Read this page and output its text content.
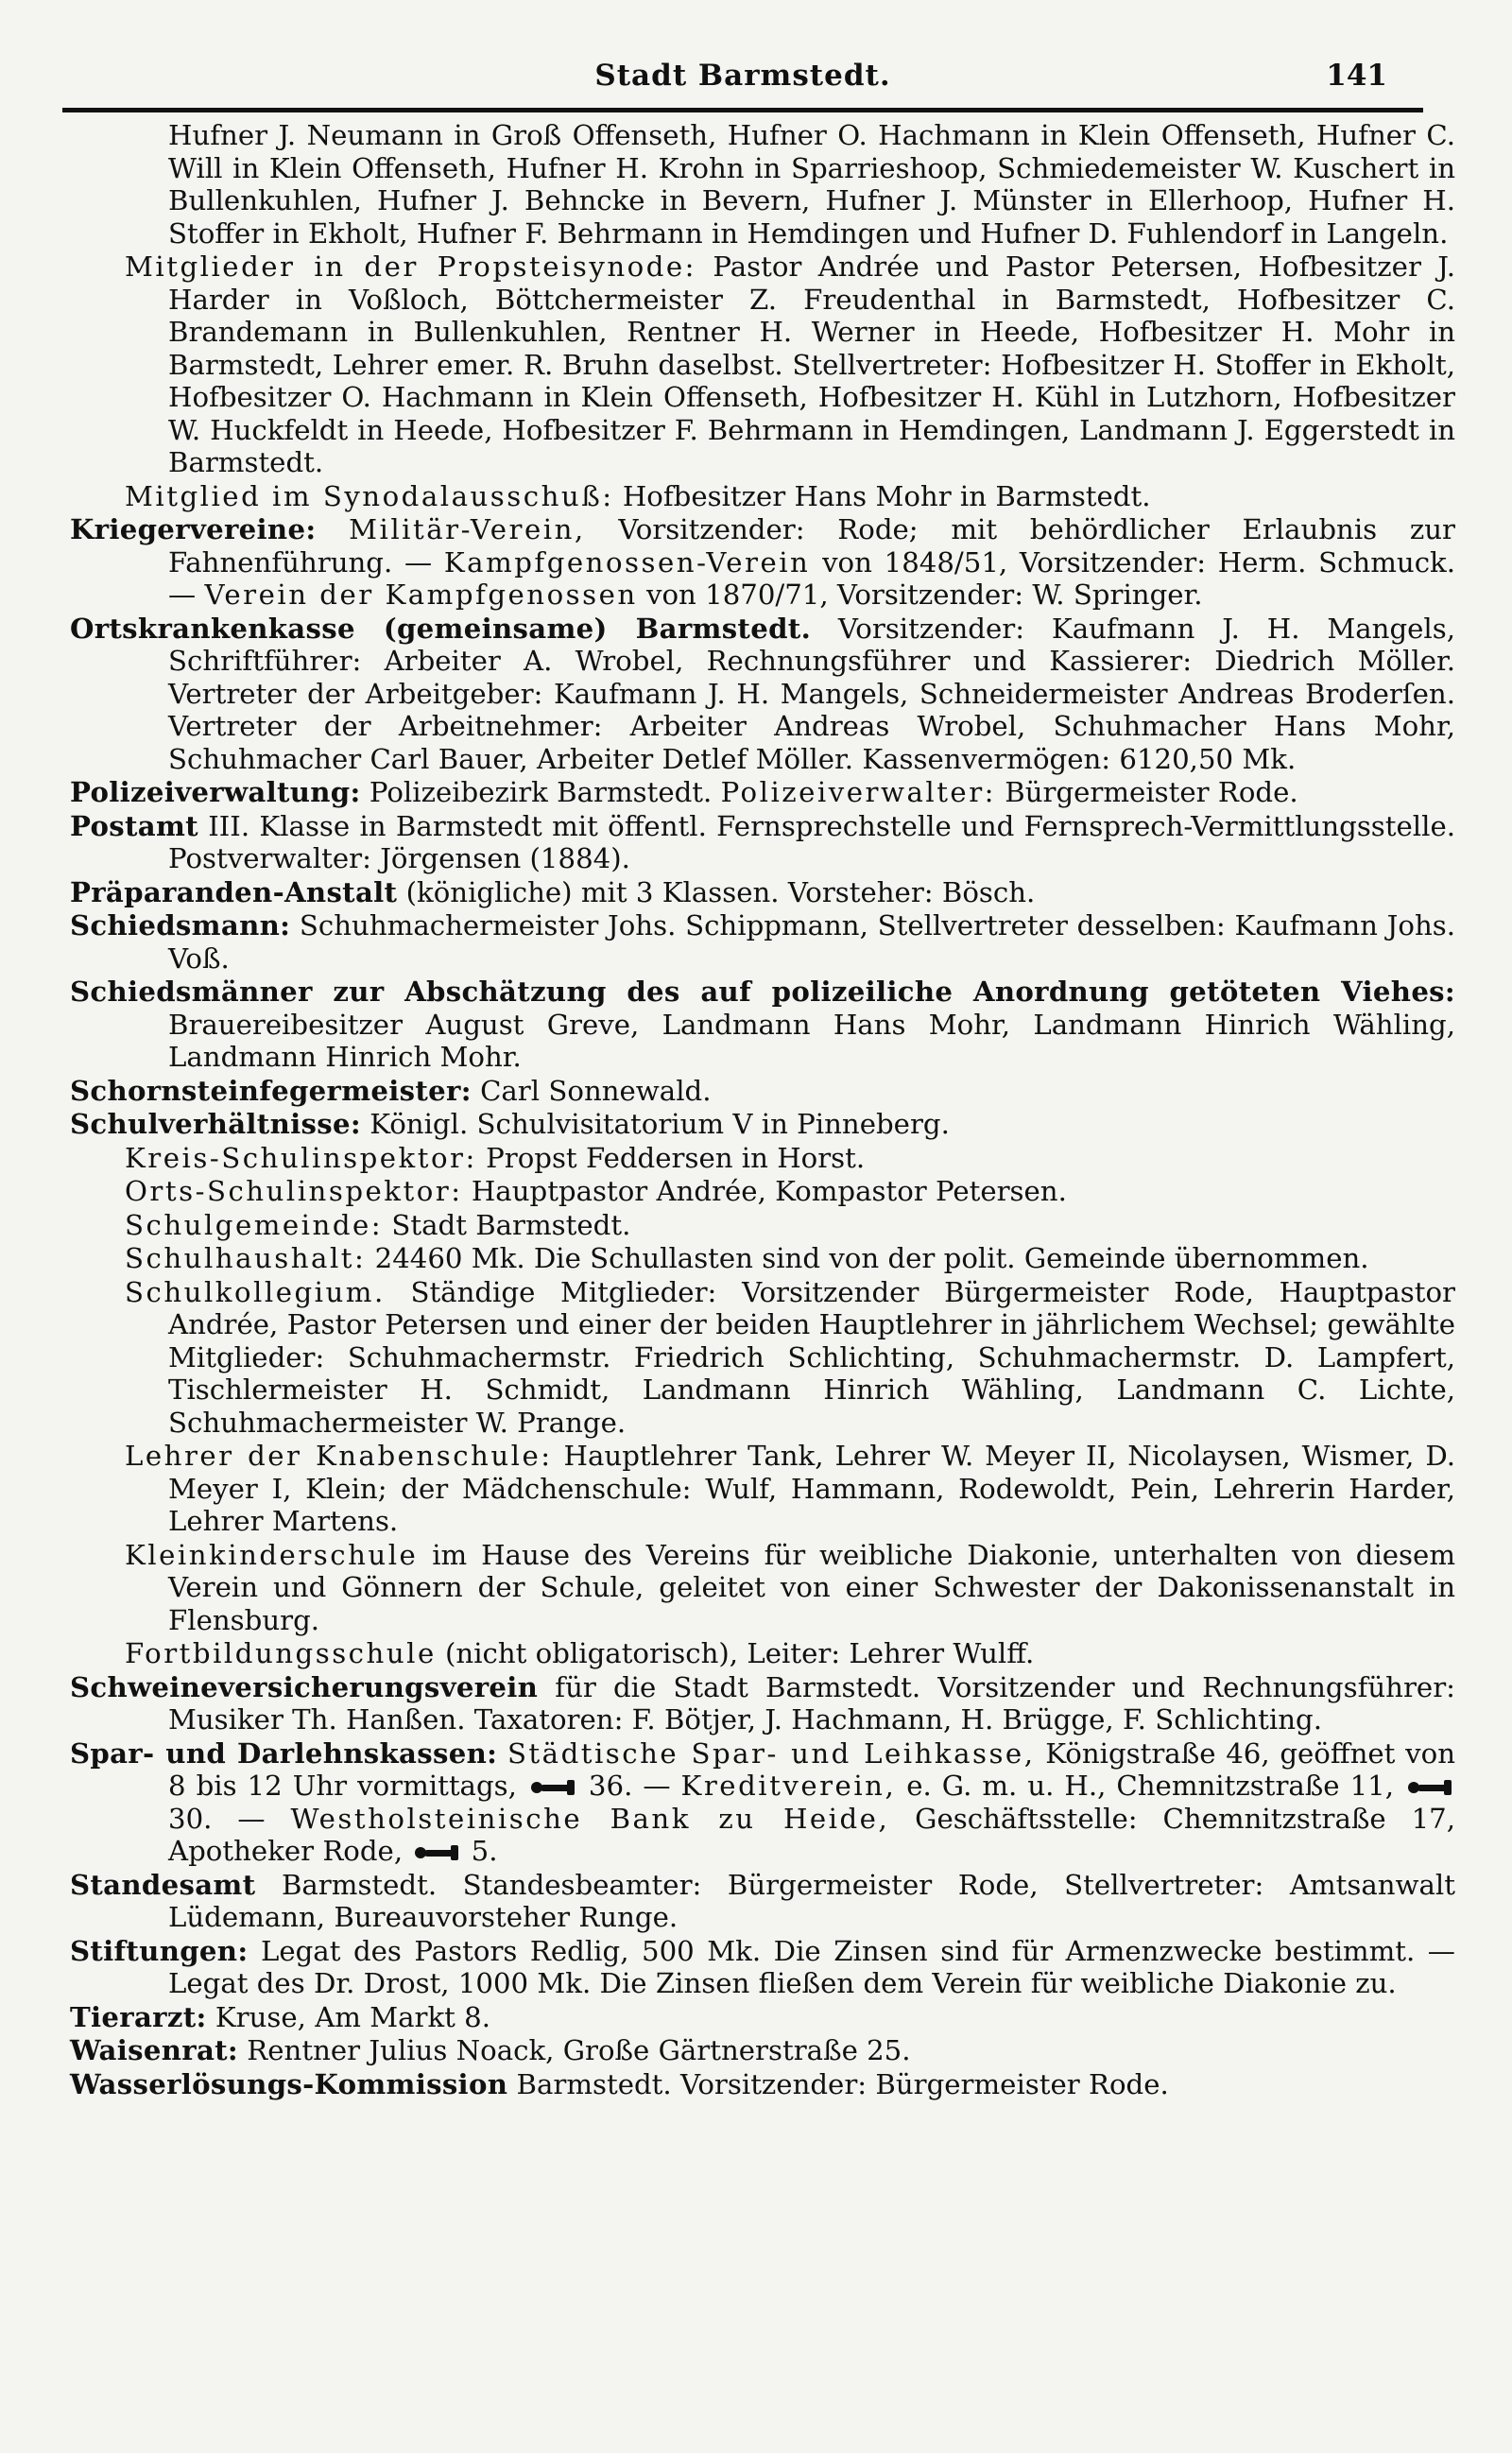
Stadt Barmstedt.	141
Hufner J. Neumann in Groß Offenseth, Hufner O. Hachmann in Klein Offenseth, Hufner C. Will in Klein Offenseth, Hufner H. Krohn in Sparrieshoop, Schmiedemeister W. Kuschert in Bullenkuhlen, Hufner J. Behncke in Bevern, Hufner J. Münster in Ellerhoop, Hufner H. Stoffer in Ekholt, Hufner F. Behrmann in Hemdingen und Hufner D. Fuhlendorf in Langeln.
Mitglieder in der Propsteisynode: Pastor Andrée und Pastor Petersen, Hofbesitzer J. Harder in Voßloch, Böttchermeister Z. Freudenthal in Barmstedt, Hofbesitzer C. Brandemann in Bullenkuhlen, Rentner H. Werner in Heede, Hofbesitzer H. Mohr in Barmstedt, Lehrer emer. R. Bruhn daselbst. Stellvertreter: Hofbesitzer H. Stoffer in Ekholt, Hofbesitzer O. Hachmann in Klein Offenseth, Hofbesitzer H. Kühl in Lutzhorn, Hofbesitzer W. Huckfeldt in Heede, Hofbesitzer F. Behrmann in Hemdingen, Landmann J. Eggerstedt in Barmstedt.
Mitglied im Synodalausschuß: Hofbesitzer Hans Mohr in Barmstedt.
Kriegervereine: Militär-Verein, Vorsitzender: Rode; mit behördlicher Erlaubnis zur Fahnenführung. — Kampfgenossen-Verein von 1848/51, Vorsitzender: Herm. Schmuck. — Verein der Kampfgenossen von 1870/71, Vorsitzender: W. Springer.
Ortskrankenkasse (gemeinsame) Barmstedt. Vorsitzender: Kaufmann J. H. Mangels, Schriftführer: Arbeiter A. Wrobel, Rechnungsführer und Kassierer: Diedrich Möller. Vertreter der Arbeitgeber: Kaufmann J. H. Mangels, Schneidermeister Andreas Broderſen. Vertreter der Arbeitnehmer: Arbeiter Andreas Wrobel, Schuhmacher Hans Mohr, Schuhmacher Carl Bauer, Arbeiter Detlef Möller. Kassenvermögen: 6120,50 Mk.
Polizeiverwaltung: Polizeibezirk Barmstedt. Polizeiverwalter: Bürgermeister Rode.
Postamt III. Klasse in Barmstedt mit öffentl. Fernsprechstelle und Fernsprech-Vermittlungsstelle. Postverwalter: Jörgensen (1884).
Präparanden-Anstalt (königliche) mit 3 Klassen. Vorsteher: Bösch.
Schiedsmann: Schuhmachermeister Johs. Schippmann, Stellvertreter desselben: Kaufmann Johs. Voß.
Schiedsmänner zur Abschätzung des auf polizeiliche Anordnung getöteten Viehes: Brauereibesitzer August Greve, Landmann Hans Mohr, Landmann Hinrich Wähling, Landmann Hinrich Mohr.
Schornsteinfegermeister: Carl Sonnewald.
Schulverhältnisse: Königl. Schulvisitatorium V in Pinneberg.
Kreis-Schulinspektor: Propst Feddersen in Horst.
Orts-Schulinspektor: Hauptpastor Andrée, Kompastor Petersen.
Schulgemeinde: Stadt Barmstedt.
Schulhaushalt: 24460 Mk. Die Schullasten sind von der polit. Gemeinde übernommen.
Schulkollegium. Ständige Mitglieder: Vorsitzender Bürgermeister Rode, Hauptpastor Andrée, Pastor Petersen und einer der beiden Hauptlehrer in jährlichem Wechsel; gewählte Mitglieder: Schuhmachermstr. Friedrich Schlichting, Schuhmachermstr. D. Lampfert, Tischlermeister H. Schmidt, Landmann Hinrich Wähling, Landmann C. Lichte, Schuhmachermeister W. Prange.
Lehrer der Knabenschule: Hauptlehrer Tank, Lehrer W. Meyer II, Nicolaysen, Wismer, D. Meyer I, Klein; der Mädchenschule: Wulf, Hammann, Rodewoldt, Pein, Lehrerin Harder, Lehrer Martens.
Kleinkinderschule im Hause des Vereins für weibliche Diakonie, unterhalten von diesem Verein und Gönnern der Schule, geleitet von einer Schwester der Dakonissenanstalt in Flensburg.
Fortbildungsschule (nicht obligatorisch), Leiter: Lehrer Wulff.
Schweineversicherungsverein für die Stadt Barmstedt. Vorsitzender und Rechnungsführer: Musiker Th. Hanßen. Taxatoren: F. Bötjer, J. Hachmann, H. Brügge, F. Schlichting.
Spar- und Darlehnskassen: Städtische Spar- und Leihkasse, Königstraße 46, geöffnet von 8 bis 12 Uhr vormittags,
36. — Kreditverein, e. G. m. u. H., Chemnitzstraße 11,
30. — Westholsteinische Bank zu Heide, Geschäftsstelle: Chemnitzstraße 17, Apotheker Rode,
5.
Standesamt Barmstedt. Standesbeamter: Bürgermeister Rode, Stellvertreter: Amtsanwalt Lüdemann, Bureauvorsteher Runge.
Stiftungen: Legat des Pastors Redlig, 500 Mk. Die Zinsen sind für Armenzwecke bestimmt. — Legat des Dr. Drost, 1000 Mk. Die Zinsen fließen dem Verein für weibliche Diakonie zu.
Tierarzt: Kruse, Am Markt 8.
Waisenrat: Rentner Julius Noack, Große Gärtnerstraße 25.
Wasserlösungs-Kommission Barmstedt. Vorsitzender: Bürgermeister Rode.
